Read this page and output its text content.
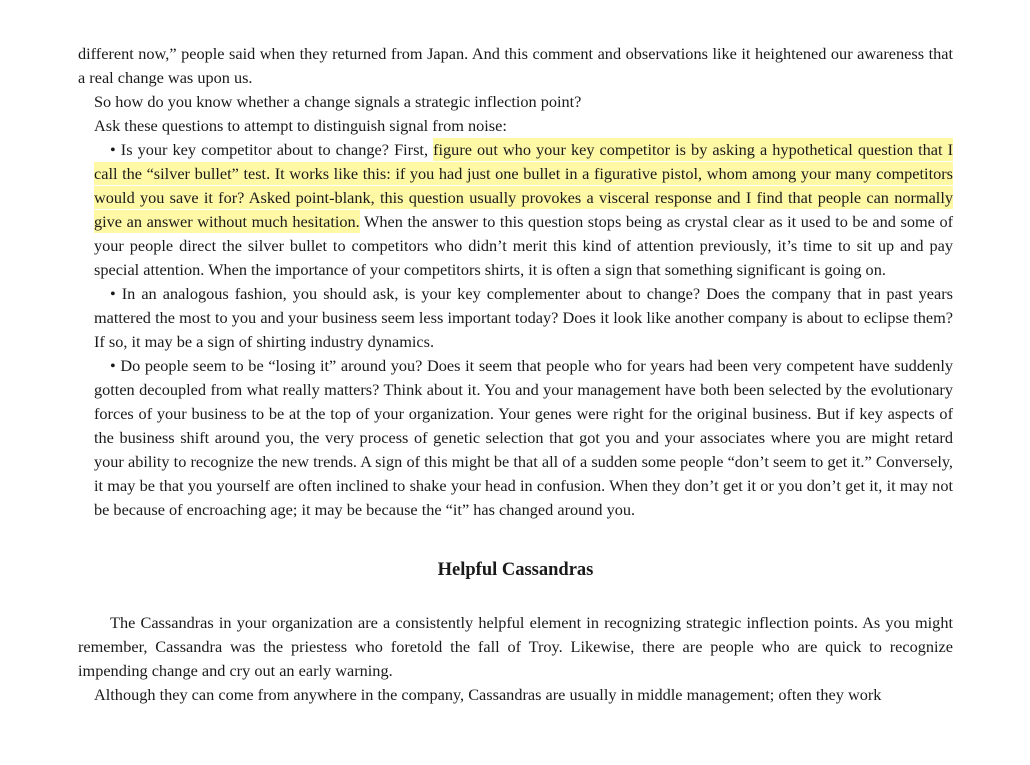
different now,” people said when they returned from Japan. And this comment and observations like it heightened our awareness that a real change was upon us.

So how do you know whether a change signals a strategic inflection point?

Ask these questions to attempt to distinguish signal from noise:

• Is your key competitor about to change? First, figure out who your key competitor is by asking a hypothetical question that I call the “silver bullet” test. It works like this: if you had just one bullet in a figurative pistol, whom among your many competitors would you save it for? Asked point-blank, this question usually provokes a visceral response and I find that people can normally give an answer without much hesitation. When the answer to this question stops being as crystal clear as it used to be and some of your people direct the silver bullet to competitors who didn’t merit this kind of attention previously, it’s time to sit up and pay special attention. When the importance of your competitors shirts, it is often a sign that something significant is going on.

• In an analogous fashion, you should ask, is your key complementer about to change? Does the company that in past years mattered the most to you and your business seem less important today? Does it look like another company is about to eclipse them? If so, it may be a sign of shirting industry dynamics.

• Do people seem to be “losing it” around you? Does it seem that people who for years had been very competent have suddenly gotten decoupled from what really matters? Think about it. You and your management have both been selected by the evolutionary forces of your business to be at the top of your organization. Your genes were right for the original business. But if key aspects of the business shift around you, the very process of genetic selection that got you and your associates where you are might retard your ability to recognize the new trends. A sign of this might be that all of a sudden some people “don’t seem to get it.” Conversely, it may be that you yourself are often inclined to shake your head in confusion. When they don’t get it or you don’t get it, it may not be because of encroaching age; it may be because the “it” has changed around you.

Helpful Cassandras

The Cassandras in your organization are a consistently helpful element in recognizing strategic inflection points. As you might remember, Cassandra was the priestess who foretold the fall of Troy. Likewise, there are people who are quick to recognize impending change and cry out an early warning.

Although they can come from anywhere in the company, Cassandras are usually in middle management; often they work
